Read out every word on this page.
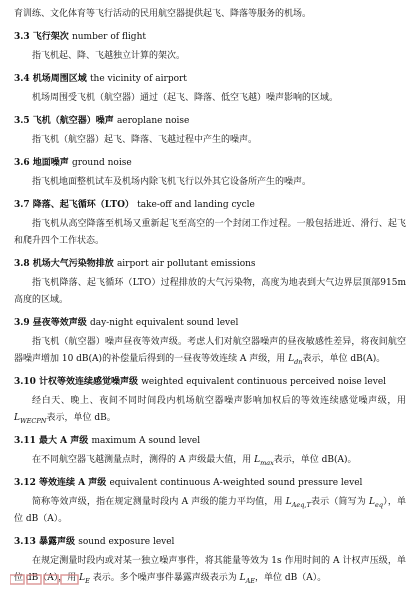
育训练、文化体育等飞行活动的民用航空器提供起飞、降落等服务的机场。

3.3 飞行架次 number of flight

指飞机起、降、飞越独立计算的架次。

3.4 机场周围区域 the vicinity of airport

机场周围受飞机（航空器）通过（起飞、降落、低空飞越）噪声影响的区域。

3.5 飞机（航空器）噪声 aeroplane noise

指飞机（航空器）起飞、降落、飞越过程中产生的噪声。

3.6 地面噪声 ground noise

指飞机地面整机试车及机场内除飞机飞行以外其它设备所产生的噪声。

3.7 降落、起飞循环（LTO） take-off and landing cycle

指飞机从高空降落至机场又重新起飞至高空的一个封闭工作过程。一般包括进近、滑行、起飞和爬升四个工作状态。

3.8 机场大气污染物排放 airport air pollutant emissions

指飞机降落、起飞循环（LTO）过程排放的大气污染物，高度为地表到大气边界层顶部915m 高度的区域。

3.9 昼夜等效声级 day-night equivalent sound level

指飞机（航空器）噪声昼夜等效声级。考虑人们对航空器噪声的昼夜敏感性差异，将夜间航空器噪声增加 10 dB(A)的补偿量后得到的一昼夜等效连续 A 声级，用 $L_{dn}$表示，单位 dB(A)。

3.10 计权等效连续感觉噪声级 weighted equivalent continuous perceived noise level

经白天、晚上、夜间不同时间段内机场航空器噪声影响加权后的等效连续感觉噪声级，用 $L_{WECPN}$表示，单位 dB。

3.11 最大 A 声级 maximum A sound level

在不同航空器飞越测量点时，测得的 A 声级最大值，用 $L_{max}$表示，单位 dB(A)。

3.12 等效连续 A 声级 equivalent continuous A-weighted sound pressure level

简称等效声级，指在规定测量时段内 A 声级的能力平均值，用 $L_{Aeq,T}$表示（简写为 $L_{eq}$），单位 dB（A）。

3.13 暴露声级 sound exposure level

在规定测量时段内或对某一独立噪声事件，将其能量等效为 1s 作用时间的 A 计权声压级，单位 dB（A），用 $L_E$ 表示。多个噪声事件暴露声级表示为 $L_{AE}$，单位 dB（A）。
